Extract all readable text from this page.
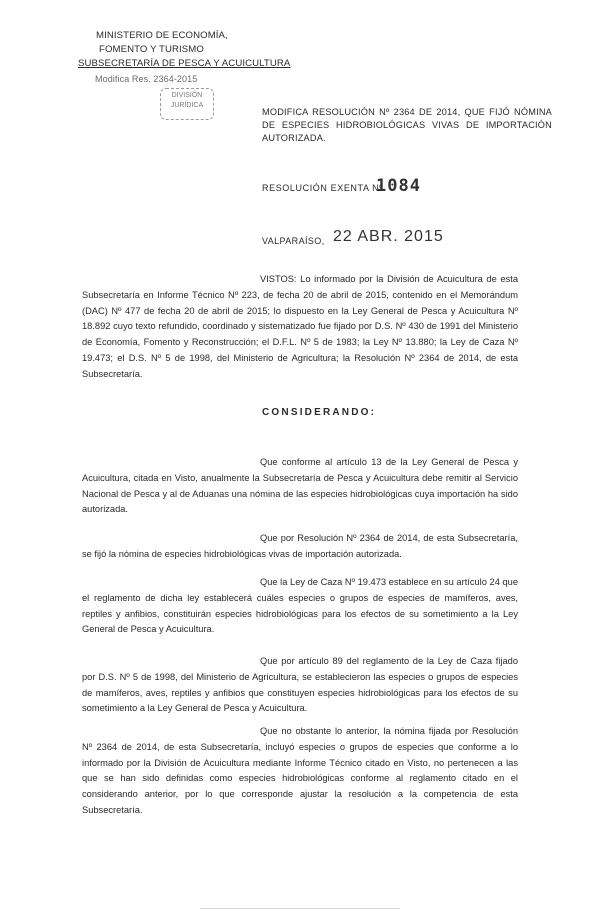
MINISTERIO DE ECONOMÍA,
FOMENTO Y TURISMO
SUBSECRETARÍA DE PESCA Y ACUICULTURA
Modifica Res. 2364-2015
DIVISIÓN
JURÍDICA
MODIFICA RESOLUCIÓN Nº 2364 DE 2014, QUE FIJÓ NÓMINA DE ESPECIES HIDROBIOLÓGICAS VIVAS DE IMPORTACIÓN AUTORIZADA.
RESOLUCIÓN EXENTA Nº
1084
VALPARAÍSO, 22 ABR. 2015
VISTOS: Lo informado por la División de Acuicultura de esta Subsecretaría en Informe Técnico Nº 223, de fecha 20 de abril de 2015, contenido en el Memorándum (DAC) Nº 477 de fecha 20 de abril de 2015; lo dispuesto en la Ley General de Pesca y Acuicultura Nº 18.892 cuyo texto refundido, coordinado y sistematizado fue fijado por D.S. Nº 430 de 1991 del Ministerio de Economía, Fomento y Reconstrucción; el D.F.L. Nº 5 de 1983; la Ley Nº 13.880; la Ley de Caza Nº 19.473; el D.S. Nº 5 de 1998, del Ministerio de Agricultura; la Resolución Nº 2364 de 2014, de esta Subsecretaría.
CONSIDERANDO:
Que conforme al artículo 13 de la Ley General de Pesca y Acuicultura, citada en Visto, anualmente la Subsecretaría de Pesca y Acuicultura debe remitir al Servicio Nacional de Pesca y al de Aduanas una nómina de las especies hidrobiológicas cuya importación ha sido autorizada.
Que por Resolución Nº 2364 de 2014, de esta Subsecretaría, se fijó la nómina de especies hidrobiológicas vivas de importación autorizada.
Que la Ley de Caza Nº 19.473 establece en su artículo 24 que el reglamento de dicha ley establecerá cuáles especies o grupos de especies de mamíferos, aves, reptiles y anfibios, constituirán especies hidrobiológicas para los efectos de su sometimiento a la Ley General de Pesca y Acuicultura.
Que por artículo 89 del reglamento de la Ley de Caza fijado por D.S. Nº 5 de 1998, del Ministerio de Agricultura, se establecieron las especies o grupos de especies de mamíferos, aves, reptiles y anfibios que constituyen especies hidrobiológicas para los efectos de su sometimiento a la Ley General de Pesca y Acuicultura.
Que no obstante lo anterior, la nómina fijada por Resolución Nº 2364 de 2014, de esta Subsecretaría, incluyó especies o grupos de especies que conforme a lo informado por la División de Acuicultura mediante Informe Técnico citado en Visto, no pertenecen a las que se han sido definidas como especies hidrobiológicas conforme al reglamento citado en el considerando anterior, por lo que corresponde ajustar la resolución a la competencia de esta Subsecretaría.
